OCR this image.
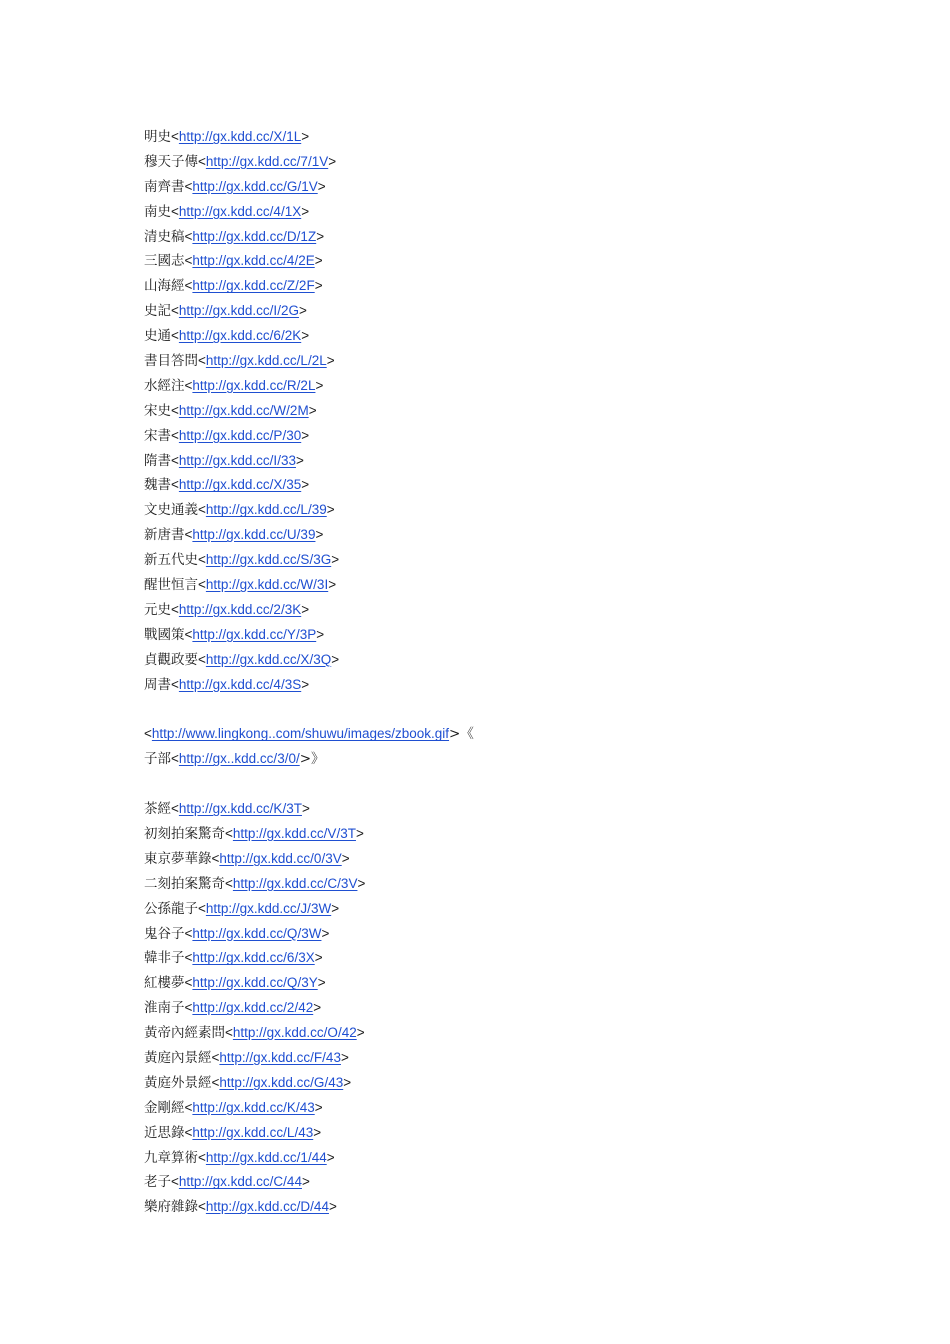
明史<http://gx.kdd.cc/X/1L>
穆天子傳<http://gx.kdd.cc/7/1V>
南齊書<http://gx.kdd.cc/G/1V>
南史<http://gx.kdd.cc/4/1X>
清史稿<http://gx.kdd.cc/D/1Z>
三國志<http://gx.kdd.cc/4/2E>
山海經<http://gx.kdd.cc/Z/2F>
史記<http://gx.kdd.cc/I/2G>
史通<http://gx.kdd.cc/6/2K>
書目答問<http://gx.kdd.cc/L/2L>
水經注<http://gx.kdd.cc/R/2L>
宋史<http://gx.kdd.cc/W/2M>
宋書<http://gx.kdd.cc/P/30>
隋書<http://gx.kdd.cc/I/33>
魏書<http://gx.kdd.cc/X/35>
文史通義<http://gx.kdd.cc/L/39>
新唐書<http://gx.kdd.cc/U/39>
新五代史<http://gx.kdd.cc/S/3G>
醒世恒言<http://gx.kdd.cc/W/3I>
元史<http://gx.kdd.cc/2/3K>
戰國策<http://gx.kdd.cc/Y/3P>
貞觀政要<http://gx.kdd.cc/X/3Q>
周書<http://gx.kdd.cc/4/3S>
<http://www.lingkong..com/shuwu/images/zbook.gif>《
子部<http://gx..kdd.cc/3/0/>》
茶經<http://gx.kdd.cc/K/3T>
初刻拍案驚奇<http://gx.kdd.cc/V/3T>
東京夢華錄<http://gx.kdd.cc/0/3V>
二刻拍案驚奇<http://gx.kdd.cc/C/3V>
公孫龍子<http://gx.kdd.cc/J/3W>
鬼谷子<http://gx.kdd.cc/Q/3W>
韓非子<http://gx.kdd.cc/6/3X>
紅樓夢<http://gx.kdd.cc/Q/3Y>
淮南子<http://gx.kdd.cc/2/42>
黃帝內經素問<http://gx.kdd.cc/O/42>
黃庭內景經<http://gx.kdd.cc/F/43>
黃庭外景經<http://gx.kdd.cc/G/43>
金剛經<http://gx.kdd.cc/K/43>
近思錄<http://gx.kdd.cc/L/43>
九章算術<http://gx.kdd.cc/1/44>
老子<http://gx.kdd.cc/C/44>
樂府雜錄<http://gx.kdd.cc/D/44>
